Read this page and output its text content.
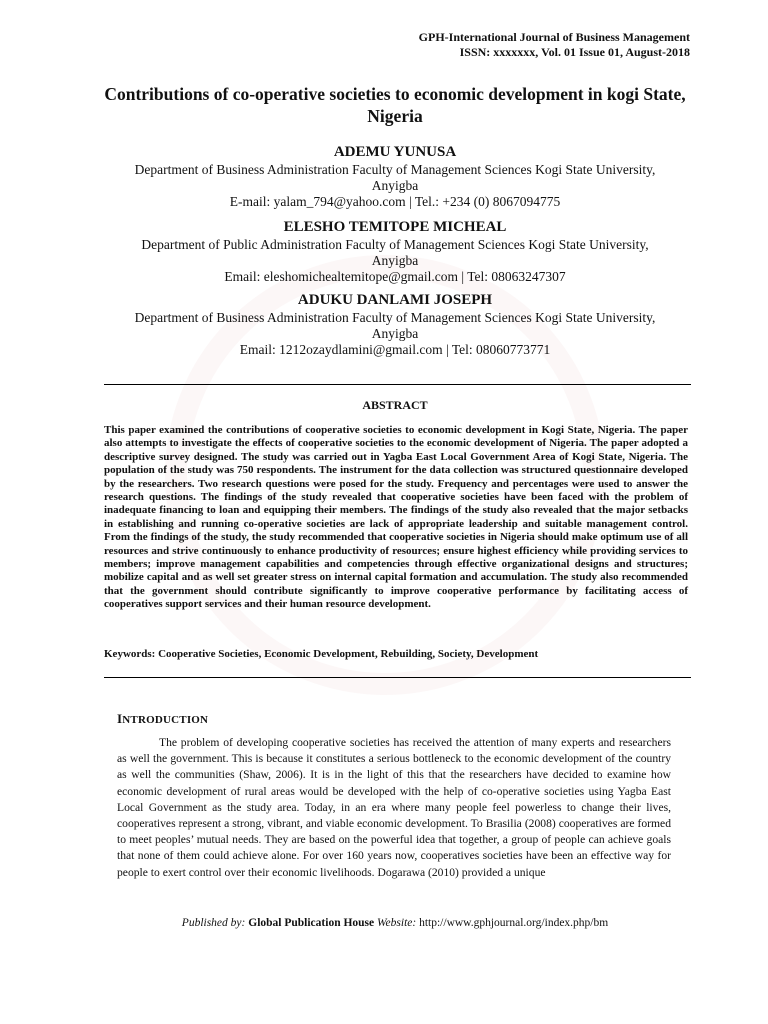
GPH-International Journal of Business Management
ISSN: xxxxxxx, Vol. 01 Issue 01, August-2018
Contributions of co-operative societies to economic development in kogi State, Nigeria
ADEMU YUNUSA
Department of Business Administration Faculty of Management Sciences Kogi State University,
Anyigba
E-mail: yalam_794@yahoo.com | Tel.: +234 (0) 8067094775
ELESHO TEMITOPE MICHEAL
Department of Public Administration Faculty of Management Sciences Kogi State University,
Anyigba
Email: eleshomichealtemitope@gmail.com | Tel: 08063247307
ADUKU DANLAMI JOSEPH
Department of Business Administration Faculty of Management Sciences Kogi State University,
Anyigba
Email: 1212ozaydlamini@gmail.com | Tel: 08060773771
ABSTRACT
This paper examined the contributions of cooperative societies to economic development in Kogi State, Nigeria. The paper also attempts to investigate the effects of cooperative societies to the economic development of Nigeria. The paper adopted a descriptive survey designed. The study was carried out in Yagba East Local Government Area of Kogi State, Nigeria. The population of the study was 750 respondents. The instrument for the data collection was structured questionnaire developed by the researchers. Two research questions were posed for the study. Frequency and percentages were used to answer the research questions. The findings of the study revealed that cooperative societies have been faced with the problem of inadequate financing to loan and equipping their members. The findings of the study also revealed that the major setbacks in establishing and running co-operative societies are lack of appropriate leadership and suitable management control. From the findings of the study, the study recommended that cooperative societies in Nigeria should make optimum use of all resources and strive continuously to enhance productivity of resources; ensure highest efficiency while providing services to members; improve management capabilities and competencies through effective organizational designs and structures; mobilize capital and as well set greater stress on internal capital formation and accumulation. The study also recommended that the government should contribute significantly to improve cooperative performance by facilitating access of cooperatives support services and their human resource development.
Keywords: Cooperative Societies, Economic Development, Rebuilding, Society, Development
INTRODUCTION
The problem of developing cooperative societies has received the attention of many experts and researchers as well the government. This is because it constitutes a serious bottleneck to the economic development of the country as well the communities (Shaw, 2006). It is in the light of this that the researchers have decided to examine how economic development of rural areas would be developed with the help of co-operative societies using Yagba East Local Government as the study area. Today, in an era where many people feel powerless to change their lives, cooperatives represent a strong, vibrant, and viable economic development. To Brasilia (2008) cooperatives are formed to meet peoples’ mutual needs. They are based on the powerful idea that together, a group of people can achieve goals that none of them could achieve alone. For over 160 years now, cooperatives societies have been an effective way for people to exert control over their economic livelihoods. Dogarawa (2010) provided a unique
Published by: Global Publication House Website: http://www.gphjournal.org/index.php/bm
